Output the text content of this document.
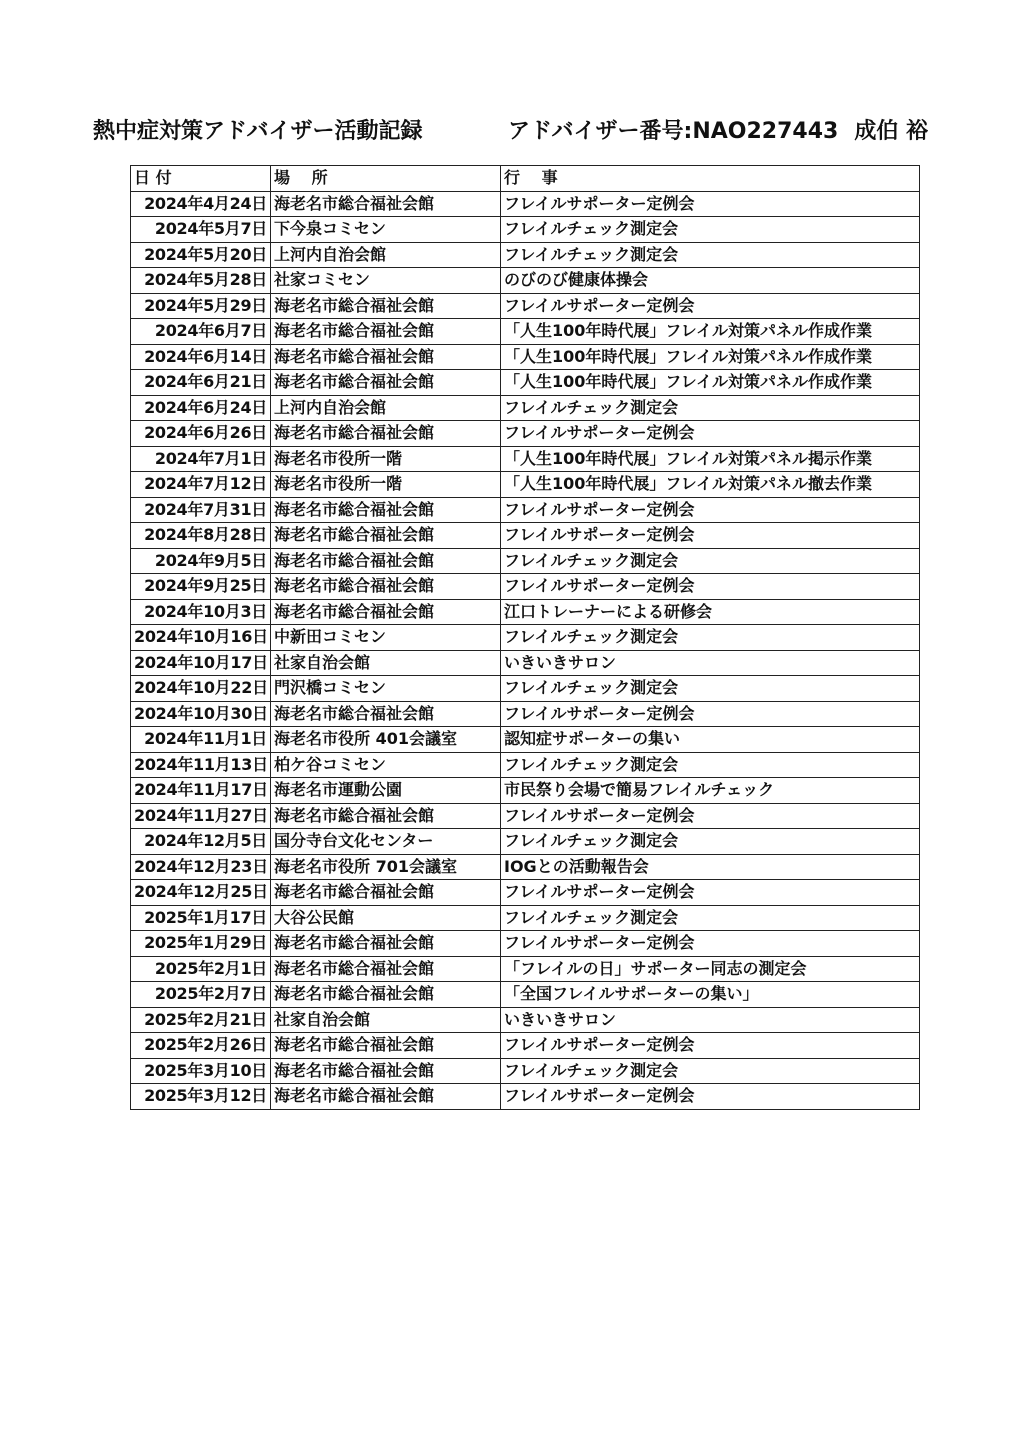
熱中症対策アドバイザー活動記録	アドバイザー番号:NAO227443 成伯 裕
日 付	場　 所	行　 事
2024年4月24日	海老名市総合福祉会館	フレイルサポーター定例会
2024年5月7日	下今泉コミセン	フレイルチェック測定会
2024年5月20日	上河内自治会館	フレイルチェック測定会
2024年5月28日	社家コミセン	のびのび健康体操会
2024年5月29日	海老名市総合福祉会館	フレイルサポーター定例会
2024年6月7日	海老名市総合福祉会館	「人生100年時代展」フレイル対策パネル作成作業
2024年6月14日	海老名市総合福祉会館	「人生100年時代展」フレイル対策パネル作成作業
2024年6月21日	海老名市総合福祉会館	「人生100年時代展」フレイル対策パネル作成作業
2024年6月24日	上河内自治会館	フレイルチェック測定会
2024年6月26日	海老名市総合福祉会館	フレイルサポーター定例会
2024年7月1日	海老名市役所一階	「人生100年時代展」フレイル対策パネル掲示作業
2024年7月12日	海老名市役所一階	「人生100年時代展」フレイル対策パネル撤去作業
2024年7月31日	海老名市総合福祉会館	フレイルサポーター定例会
2024年8月28日	海老名市総合福祉会館	フレイルサポーター定例会
2024年9月5日	海老名市総合福祉会館	フレイルチェック測定会
2024年9月25日	海老名市総合福祉会館	フレイルサポーター定例会
2024年10月3日	海老名市総合福祉会館	江口トレーナーによる研修会
2024年10月16日	中新田コミセン	フレイルチェック測定会
2024年10月17日	社家自治会館	いきいきサロン
2024年10月22日	門沢橋コミセン	フレイルチェック測定会
2024年10月30日	海老名市総合福祉会館	フレイルサポーター定例会
2024年11月1日	海老名市役所 401会議室	認知症サポーターの集い
2024年11月13日	柏ケ谷コミセン	フレイルチェック測定会
2024年11月17日	海老名市運動公園	市民祭り会場で簡易フレイルチェック
2024年11月27日	海老名市総合福祉会館	フレイルサポーター定例会
2024年12月5日	国分寺台文化センター	フレイルチェック測定会
2024年12月23日	海老名市役所 701会議室	IOGとの活動報告会
2024年12月25日	海老名市総合福祉会館	フレイルサポーター定例会
2025年1月17日	大谷公民館	フレイルチェック測定会
2025年1月29日	海老名市総合福祉会館	フレイルサポーター定例会
2025年2月1日	海老名市総合福祉会館	「フレイルの日」サポーター同志の測定会
2025年2月7日	海老名市総合福祉会館	「全国フレイルサポーターの集い」
2025年2月21日	社家自治会館	いきいきサロン
2025年2月26日	海老名市総合福祉会館	フレイルサポーター定例会
2025年3月10日	海老名市総合福祉会館	フレイルチェック測定会
2025年3月12日	海老名市総合福祉会館	フレイルサポーター定例会
